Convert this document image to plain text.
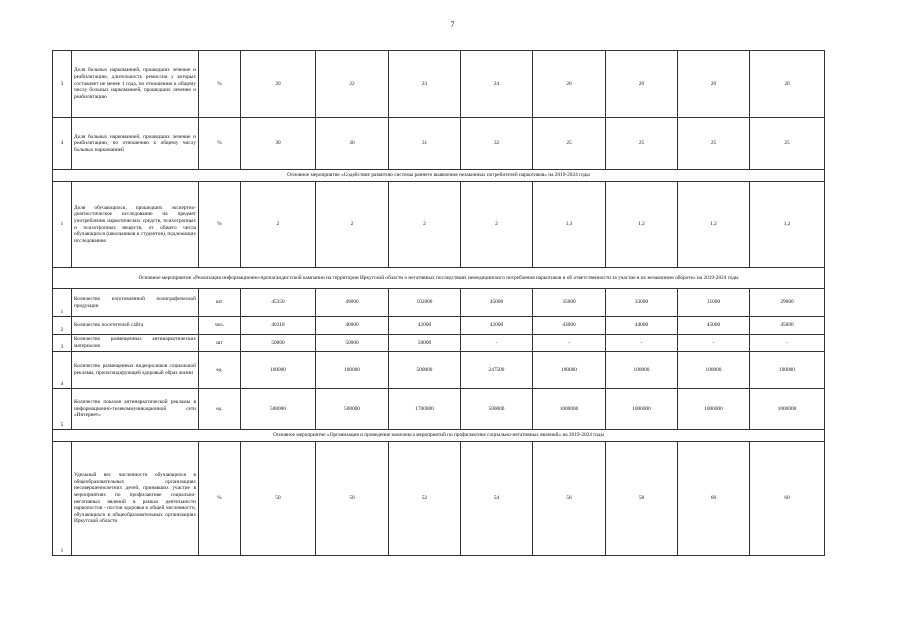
7
3	Доля больных наркоманией, прошедших лечение и реабилитацию, длительность ремиссии у которых составляет не менее 1 года, по отношению к общему числу больных наркоманией, прошедших лечение и реабилитацию	%	20	22	23	24	20	20	20	20
4	Доля больных наркоманией, прошедших лечение и реабилитацию, по отношению к общему числу больных наркоманией	%	30	30	31	32	25	25	25	25
Основное мероприятие «Содействие развитию системы раннего выявления незаконных потребителей наркотиков» на 2019-2024 годы										
1	Доля обучающихся, прошедших экспертно-диагностическое исследование на предмет употребления наркотических средств, психотропных и психотропных веществ, от общего числа обучающихся (школьников и студентов), подлежащих исследованию	%	2	2	2	2	1,3	1,2	1,2	1,2
Основное мероприятие «Реализация информационно-пропагандистской кампании на территории Иркутской области о негативных последствиях немедицинского потребления наркотиков и об ответственности за участие в их незаконном обороте» на 2019-2024 годы										
1	Количество изготовленной полиграфической продукции	шт.	45350	49000	102000	45000	35000	33000	31000	29000
2	Количество посетителей сайта	чел.	40318	40000	42000	42000	43000	44000	45000	45000
3	Количество размещенных антинаркотических материалов	шт	50000	50000	50000	-	-	-	-	-
4	Количество размещенных видеороликов социальной рекламы, пропагандирующей здоровый образ жизни	ед.	100000	100000	500000	247500	100000	100000	100000	100000
5	Количество показов антинаркотической рекламы в информационно-телекоммуникационной сети «Интернет»	ед.	500000	500000	1700000	500000	1000000	1000000	1000000	1000000
Основное мероприятие «Организация и проведение комплекса мероприятий по профилактике социально-негативных явлений» на 2019-2024 годы										
1	Удельный вес численности обучающихся в общеобразовательных организациях несовершеннолетних детей, принявших участие в мероприятиях по профилактике социально-негативных явлений в рамках деятельности наркопостов - постов здоровья к общей численности, обучающихся в общеобразовательных организациях Иркутской области	%	50	50	52	54	56	58	60	60
